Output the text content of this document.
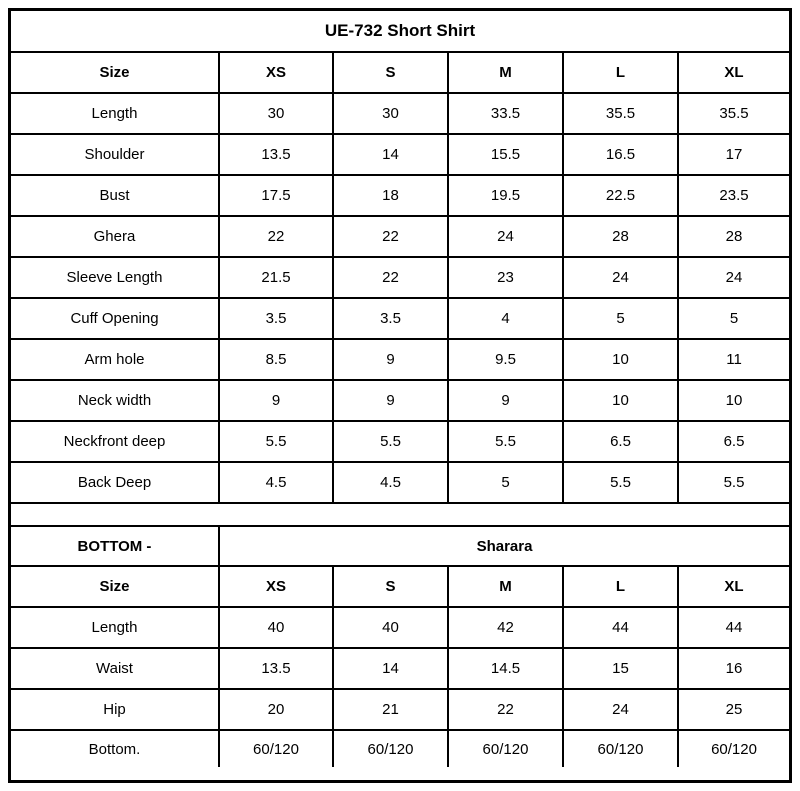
UE-732 Short Shirt					
Size	XS	S	M	L	XL
Length	30	30	33.5	35.5	35.5
Shoulder	13.5	14	15.5	16.5	17
Bust	17.5	18	19.5	22.5	23.5
Ghera	22	22	24	28	28
Sleeve Length	21.5	22	23	24	24
Cuff Opening	3.5	3.5	4	5	5
Arm hole	8.5	9	9.5	10	11
Neck width	9	9	9	10	10
Neckfront deep	5.5	5.5	5.5	6.5	6.5
Back Deep	4.5	4.5	5	5.5	5.5

BOTTOM -	Sharara				
Size	XS	S	M	L	XL
Length	40	40	42	44	44
Waist	13.5	14	14.5	15	16
Hip	20	21	22	24	25
Bottom.	60/120	60/120	60/120	60/120	60/120
